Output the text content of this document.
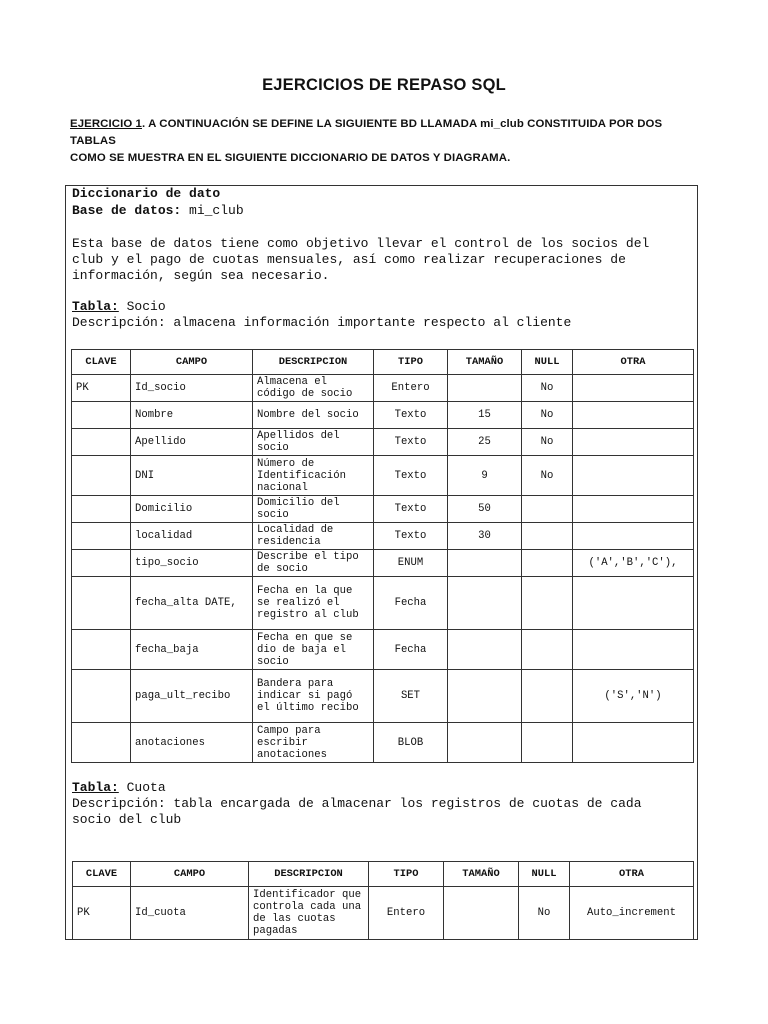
EJERCICIOS DE REPASO SQL
EJERCICIO 1. A CONTINUACIÓN SE DEFINE LA SIGUIENTE BD LLAMADA mi_club CONSTITUIDA POR DOS TABLAS
COMO SE MUESTRA EN EL SIGUIENTE DICCIONARIO DE DATOS Y DIAGRAMA.
Diccionario de dato
Base de datos: mi_club
Esta base de datos tiene como objetivo llevar el control de los socios del
club y el pago de cuotas mensuales, así como realizar recuperaciones de
información, según sea necesario.
Tabla: Socio
Descripción: almacena información importante respecto al cliente
CLAVE	CAMPO	DESCRIPCION	TIPO	TAMAÑO	NULL	OTRA
PK	Id_socio	Almacena el código de socio	Entero		No	
	Nombre	Nombre del socio	Texto	15	No	
	Apellido	Apellidos del socio	Texto	25	No	
	DNI	Número de Identificación nacional	Texto	9	No	
	Domicilio	Domicilio del socio	Texto	50		
	localidad	Localidad de residencia	Texto	30		
	tipo_socio	Describe el tipo de socio	ENUM			('A','B','C'),
	fecha_alta DATE,	Fecha en la que se realizó el registro al club	Fecha			
	fecha_baja	Fecha en que se dio de baja el socio	Fecha			
	paga_ult_recibo	Bandera para indicar si pagó el último recibo	SET			('S','N')
	anotaciones	Campo para escribir anotaciones	BLOB			
Tabla: Cuota
Descripción: tabla encargada de almacenar los registros de cuotas de cada
socio del club
CLAVE	CAMPO	DESCRIPCION	TIPO	TAMAÑO	NULL	OTRA
PK	Id_cuota	Identificador que controla cada una de las cuotas pagadas	Entero		No	Auto_increment
